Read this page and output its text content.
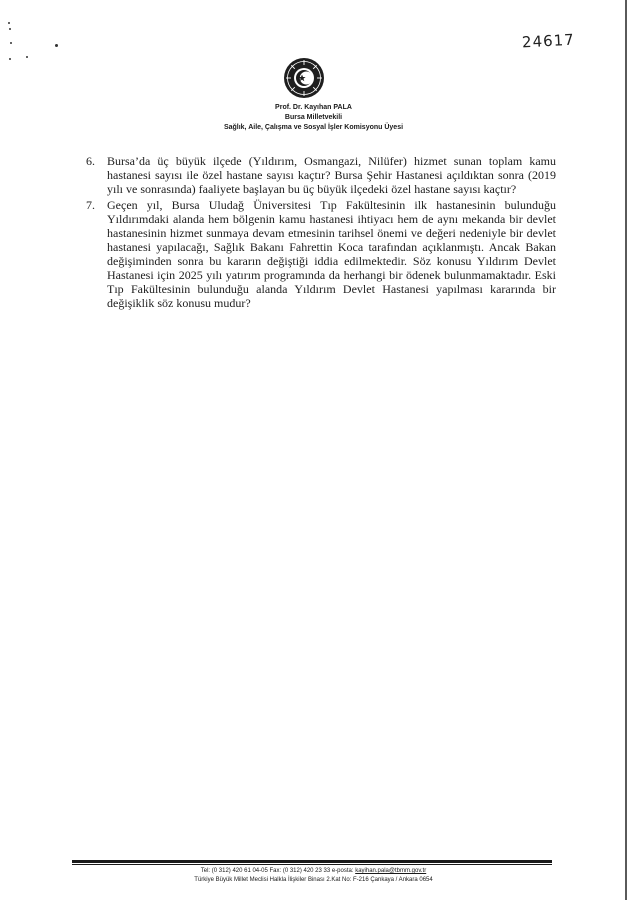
24617
Prof. Dr. Kayıhan PALA
Bursa Milletvekili
Sağlık, Aile, Çalışma ve Sosyal İşler Komisyonu Üyesi
6. Bursa’da üç büyük ilçede (Yıldırım, Osmangazi, Nilüfer) hizmet sunan toplam kamu hastanesi sayısı ile özel hastane sayısı kaçtır? Bursa Şehir Hastanesi açıldıktan sonra (2019 yılı ve sonrasında) faaliyete başlayan bu üç büyük ilçedeki özel hastane sayısı kaçtır?
7. Geçen yıl, Bursa Uludağ Üniversitesi Tıp Fakültesinin ilk hastanesinin bulunduğu Yıldırımdaki alanda hem bölgenin kamu hastanesi ihtiyacı hem de aynı mekanda bir devlet hastanesinin hizmet sunmaya devam etmesinin tarihsel önemi ve değeri nedeniyle bir devlet hastanesi yapılacağı, Sağlık Bakanı Fahrettin Koca tarafından açıklanmıştı. Ancak Bakan değişiminden sonra bu kararın değiştiği iddia edilmektedir. Söz konusu Yıldırım Devlet Hastanesi için 2025 yılı yatırım programında da herhangi bir ödenek bulunmamaktadır. Eski Tıp Fakültesinin bulunduğu alanda Yıldırım Devlet Hastanesi yapılması kararında bir değişiklik söz konusu mudur?
Tel: (0 312) 420 61 04-05 Fax: (0 312) 420 23 33 e-posta: kayihan.pala@tbmm.gov.tr
Türkiye Büyük Millet Meclisi Halkla İlişkiler Binası 2.Kat No: F-216 Çankaya / Ankara 0654
